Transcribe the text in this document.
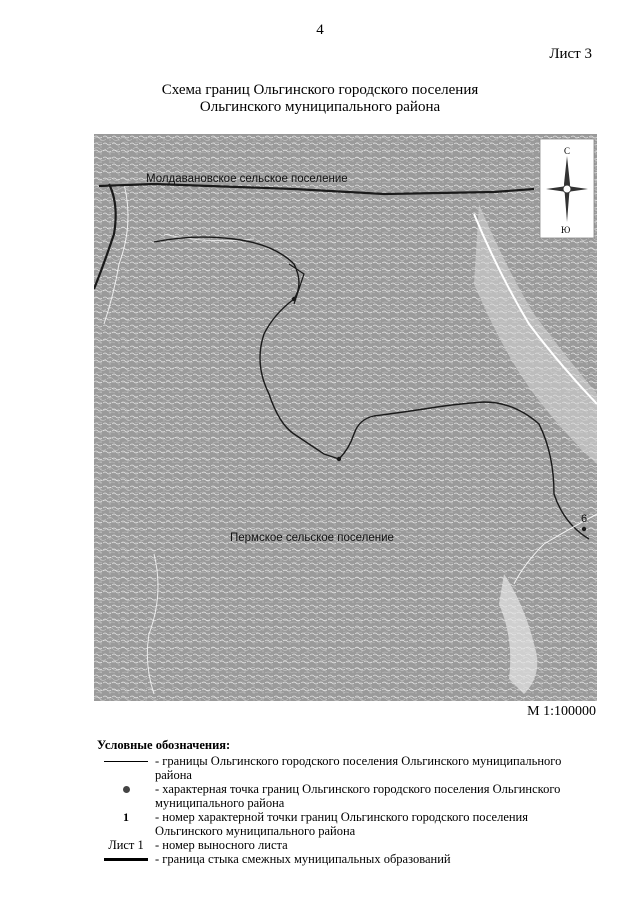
4
Лист 3
Схема границ Ольгинского городского поселения
Ольгинского муниципального района
С
Ю
Молдавановское сельское поселение
Пермское сельское поселение
6
М 1:100000
Условные обозначения:
- границы Ольгинского городского поселения Ольгинского муниципального района
- характерная точка границ Ольгинского городского поселения Ольгинского муниципального района
1 - номер характерной точки границ Ольгинского городского поселения Ольгинского муниципального района
Лист 1 - номер выносного листа
- граница стыка смежных муниципальных образований
